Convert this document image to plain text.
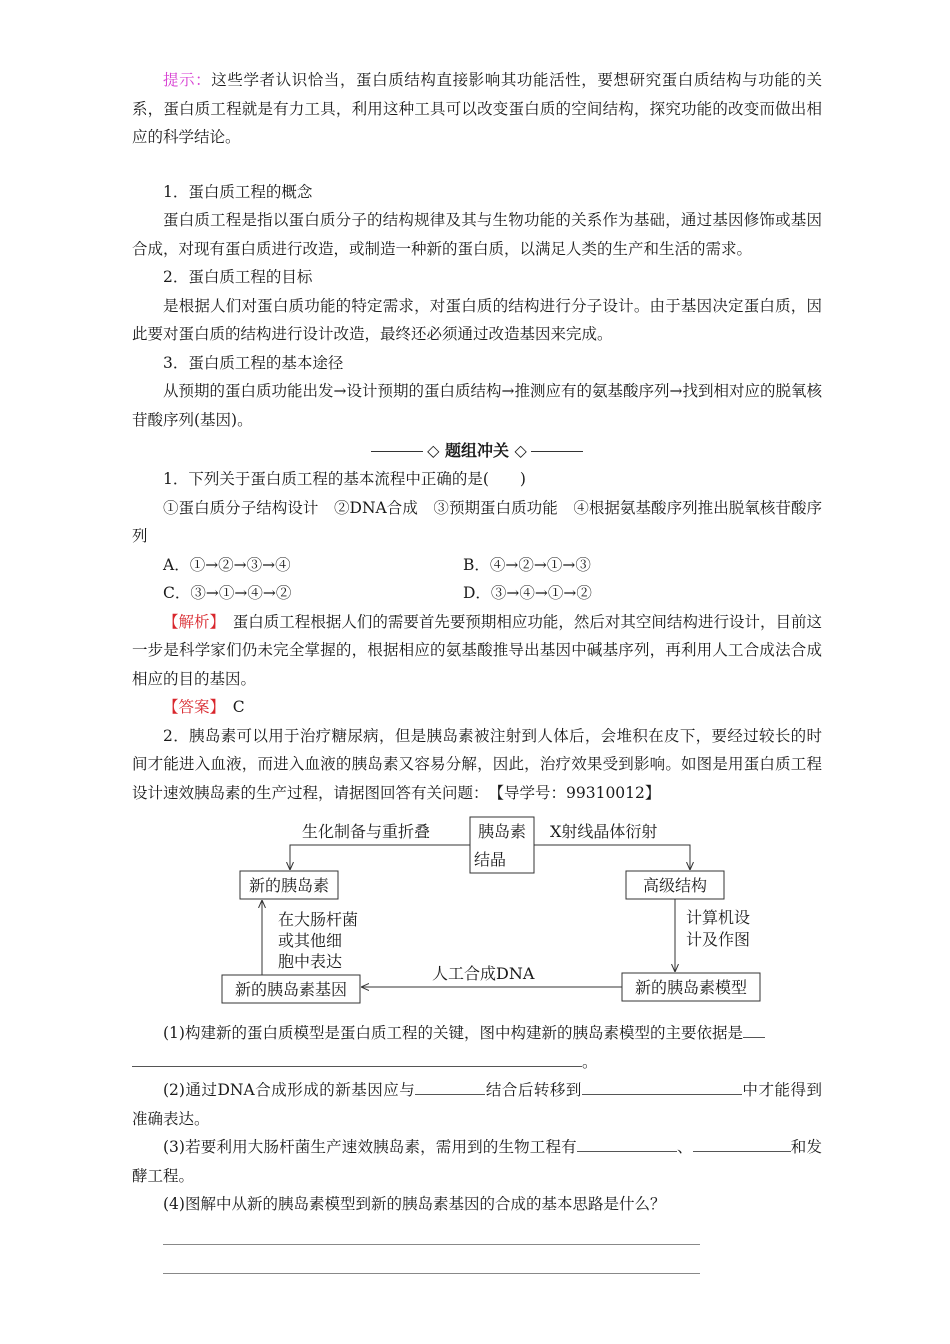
提示：这些学者认识恰当，蛋白质结构直接影响其功能活性，要想研究蛋白质结构与功能的关系，蛋白质工程就是有力工具，利用这种工具可以改变蛋白质的空间结构，探究功能的改变而做出相应的科学结论。

1．蛋白质工程的概念

蛋白质工程是指以蛋白质分子的结构规律及其与生物功能的关系作为基础，通过基因修饰或基因合成，对现有蛋白质进行改造，或制造一种新的蛋白质，以满足人类的生产和生活的需求。

2．蛋白质工程的目标

是根据人们对蛋白质功能的特定需求，对蛋白质的结构进行分子设计。由于基因决定蛋白质，因此要对蛋白质的结构进行设计改造，最终还必须通过改造基因来完成。

3．蛋白质工程的基本途径

从预期的蛋白质功能出发→设计预期的蛋白质结构→推测应有的氨基酸序列→找到相对应的脱氧核苷酸序列(基因)。

◇ 题组冲关 ◇

1．下列关于蛋白质工程的基本流程中正确的是(　　)

①蛋白质分子结构设计　②DNA合成　③预期蛋白质功能　④根据氨基酸序列推出脱氧核苷酸序列

A．①→②→③→④	B．④→②→①→③
C．③→①→④→②	D．③→④→①→②

【解析】　蛋白质工程根据人们的需要首先要预期相应功能，然后对其空间结构进行设计，目前这一步是科学家们仍未完全掌握的，根据相应的氨基酸推导出基因中碱基序列，再利用人工合成法合成相应的目的基因。

【答案】　C

2．胰岛素可以用于治疗糖尿病，但是胰岛素被注射到人体后，会堆积在皮下，要经过较长的时间才能进入血液，而进入血液的胰岛素又容易分解，因此，治疗效果受到影响。如图是用蛋白质工程设计速效胰岛素的生产过程，请据图回答有关问题：　【导学号：99310012】

胰岛素
结晶
新的胰岛素	高级结构
新的胰岛素模型
新的胰岛素基因
生化制备与重折叠	X射线晶体衍射
计算机设
计及作图
人工合成DNA
在大肠杆菌
或其他细
胞中表达

(1)构建新的蛋白质模型是蛋白质工程的关键，图中构建新的胰岛素模型的主要依据是

。

(2)通过DNA合成形成的新基因应与	结合后转移到	中才能得到准确表达。

(3)若要利用大肠杆菌生产速效胰岛素，需用到的生物工程有	、	和发酵工程。

(4)图解中从新的胰岛素模型到新的胰岛素基因的合成的基本思路是什么？
